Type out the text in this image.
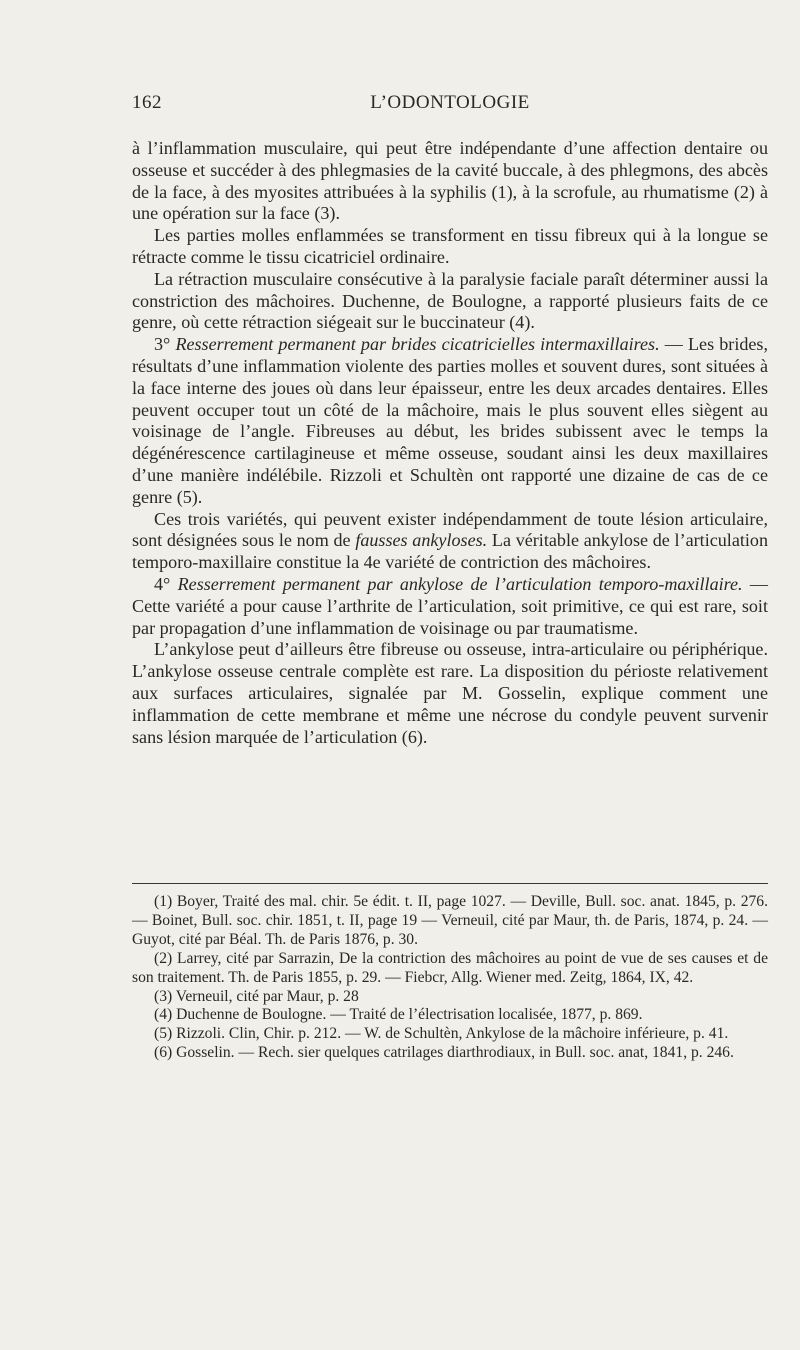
162	L’ODONTOLOGIE

à l’inflammation musculaire, qui peut être indépendante d’une affection dentaire ou osseuse et succéder à des phlegmasies de la cavité buccale, à des phlegmons, des abcès de la face, à des myosites attribuées à la syphilis (1), à la scrofule, au rhumatisme (2) à une opération sur la face (3).

Les parties molles enflammées se transforment en tissu fibreux qui à la longue se rétracte comme le tissu cicatriciel ordinaire.

La rétraction musculaire consécutive à la paralysie faciale paraît déterminer aussi la constriction des mâchoires. Duchenne, de Boulogne, a rapporté plusieurs faits de ce genre, où cette rétraction siégeait sur le buccinateur (4).

3° Resserrement permanent par brides cicatricielles intermaxillaires. — Les brides, résultats d’une inflammation violente des parties molles et souvent dures, sont situées à la face interne des joues où dans leur épaisseur, entre les deux arcades dentaires. Elles peuvent occuper tout un côté de la mâchoire, mais le plus souvent elles siègent au voisinage de l’angle. Fibreuses au début, les brides subissent avec le temps la dégénérescence cartilagineuse et même osseuse, soudant ainsi les deux maxillaires d’une manière indélébile. Rizzoli et Schultèn ont rapporté une dizaine de cas de ce genre (5).

Ces trois variétés, qui peuvent exister indépendamment de toute lésion articulaire, sont désignées sous le nom de fausses ankyloses. La véritable ankylose de l’articulation temporo-maxillaire constitue la 4e variété de contriction des mâchoires.

4° Resserrement permanent par ankylose de l’articulation temporo-maxillaire. — Cette variété a pour cause l’arthrite de l’articulation, soit primitive, ce qui est rare, soit par propagation d’une inflammation de voisinage ou par traumatisme.

L’ankylose peut d’ailleurs être fibreuse ou osseuse, intra-articulaire ou périphérique. L’ankylose osseuse centrale complète est rare. La disposition du périoste relativement aux surfaces articulaires, signalée par M. Gosselin, explique comment une inflammation de cette membrane et même une nécrose du condyle peuvent survenir sans lésion marquée de l’articulation (6).

(1) Boyer, Traité des mal. chir. 5e édit. t. II, page 1027. — Deville, Bull. soc. anat. 1845, p. 276. — Boinet, Bull. soc. chir. 1851, t. II, page 19 — Verneuil, cité par Maur, th. de Paris, 1874, p. 24. — Guyot, cité par Béal. Th. de Paris 1876, p. 30.

(2) Larrey, cité par Sarrazin, De la contriction des mâchoires au point de vue de ses causes et de son traitement. Th. de Paris 1855, p. 29. — Fiebcr, Allg. Wiener med. Zeitg, 1864, IX, 42.

(3) Verneuil, cité par Maur, p. 28

(4) Duchenne de Boulogne. — Traité de l’électrisation localisée, 1877, p. 869.

(5) Rizzoli. Clin, Chir. p. 212. — W. de Schultèn, Ankylose de la mâchoire inférieure, p. 41.

(6) Gosselin. — Rech. sier quelques catrilages diarthrodiaux, in Bull. soc. anat, 1841, p. 246.
